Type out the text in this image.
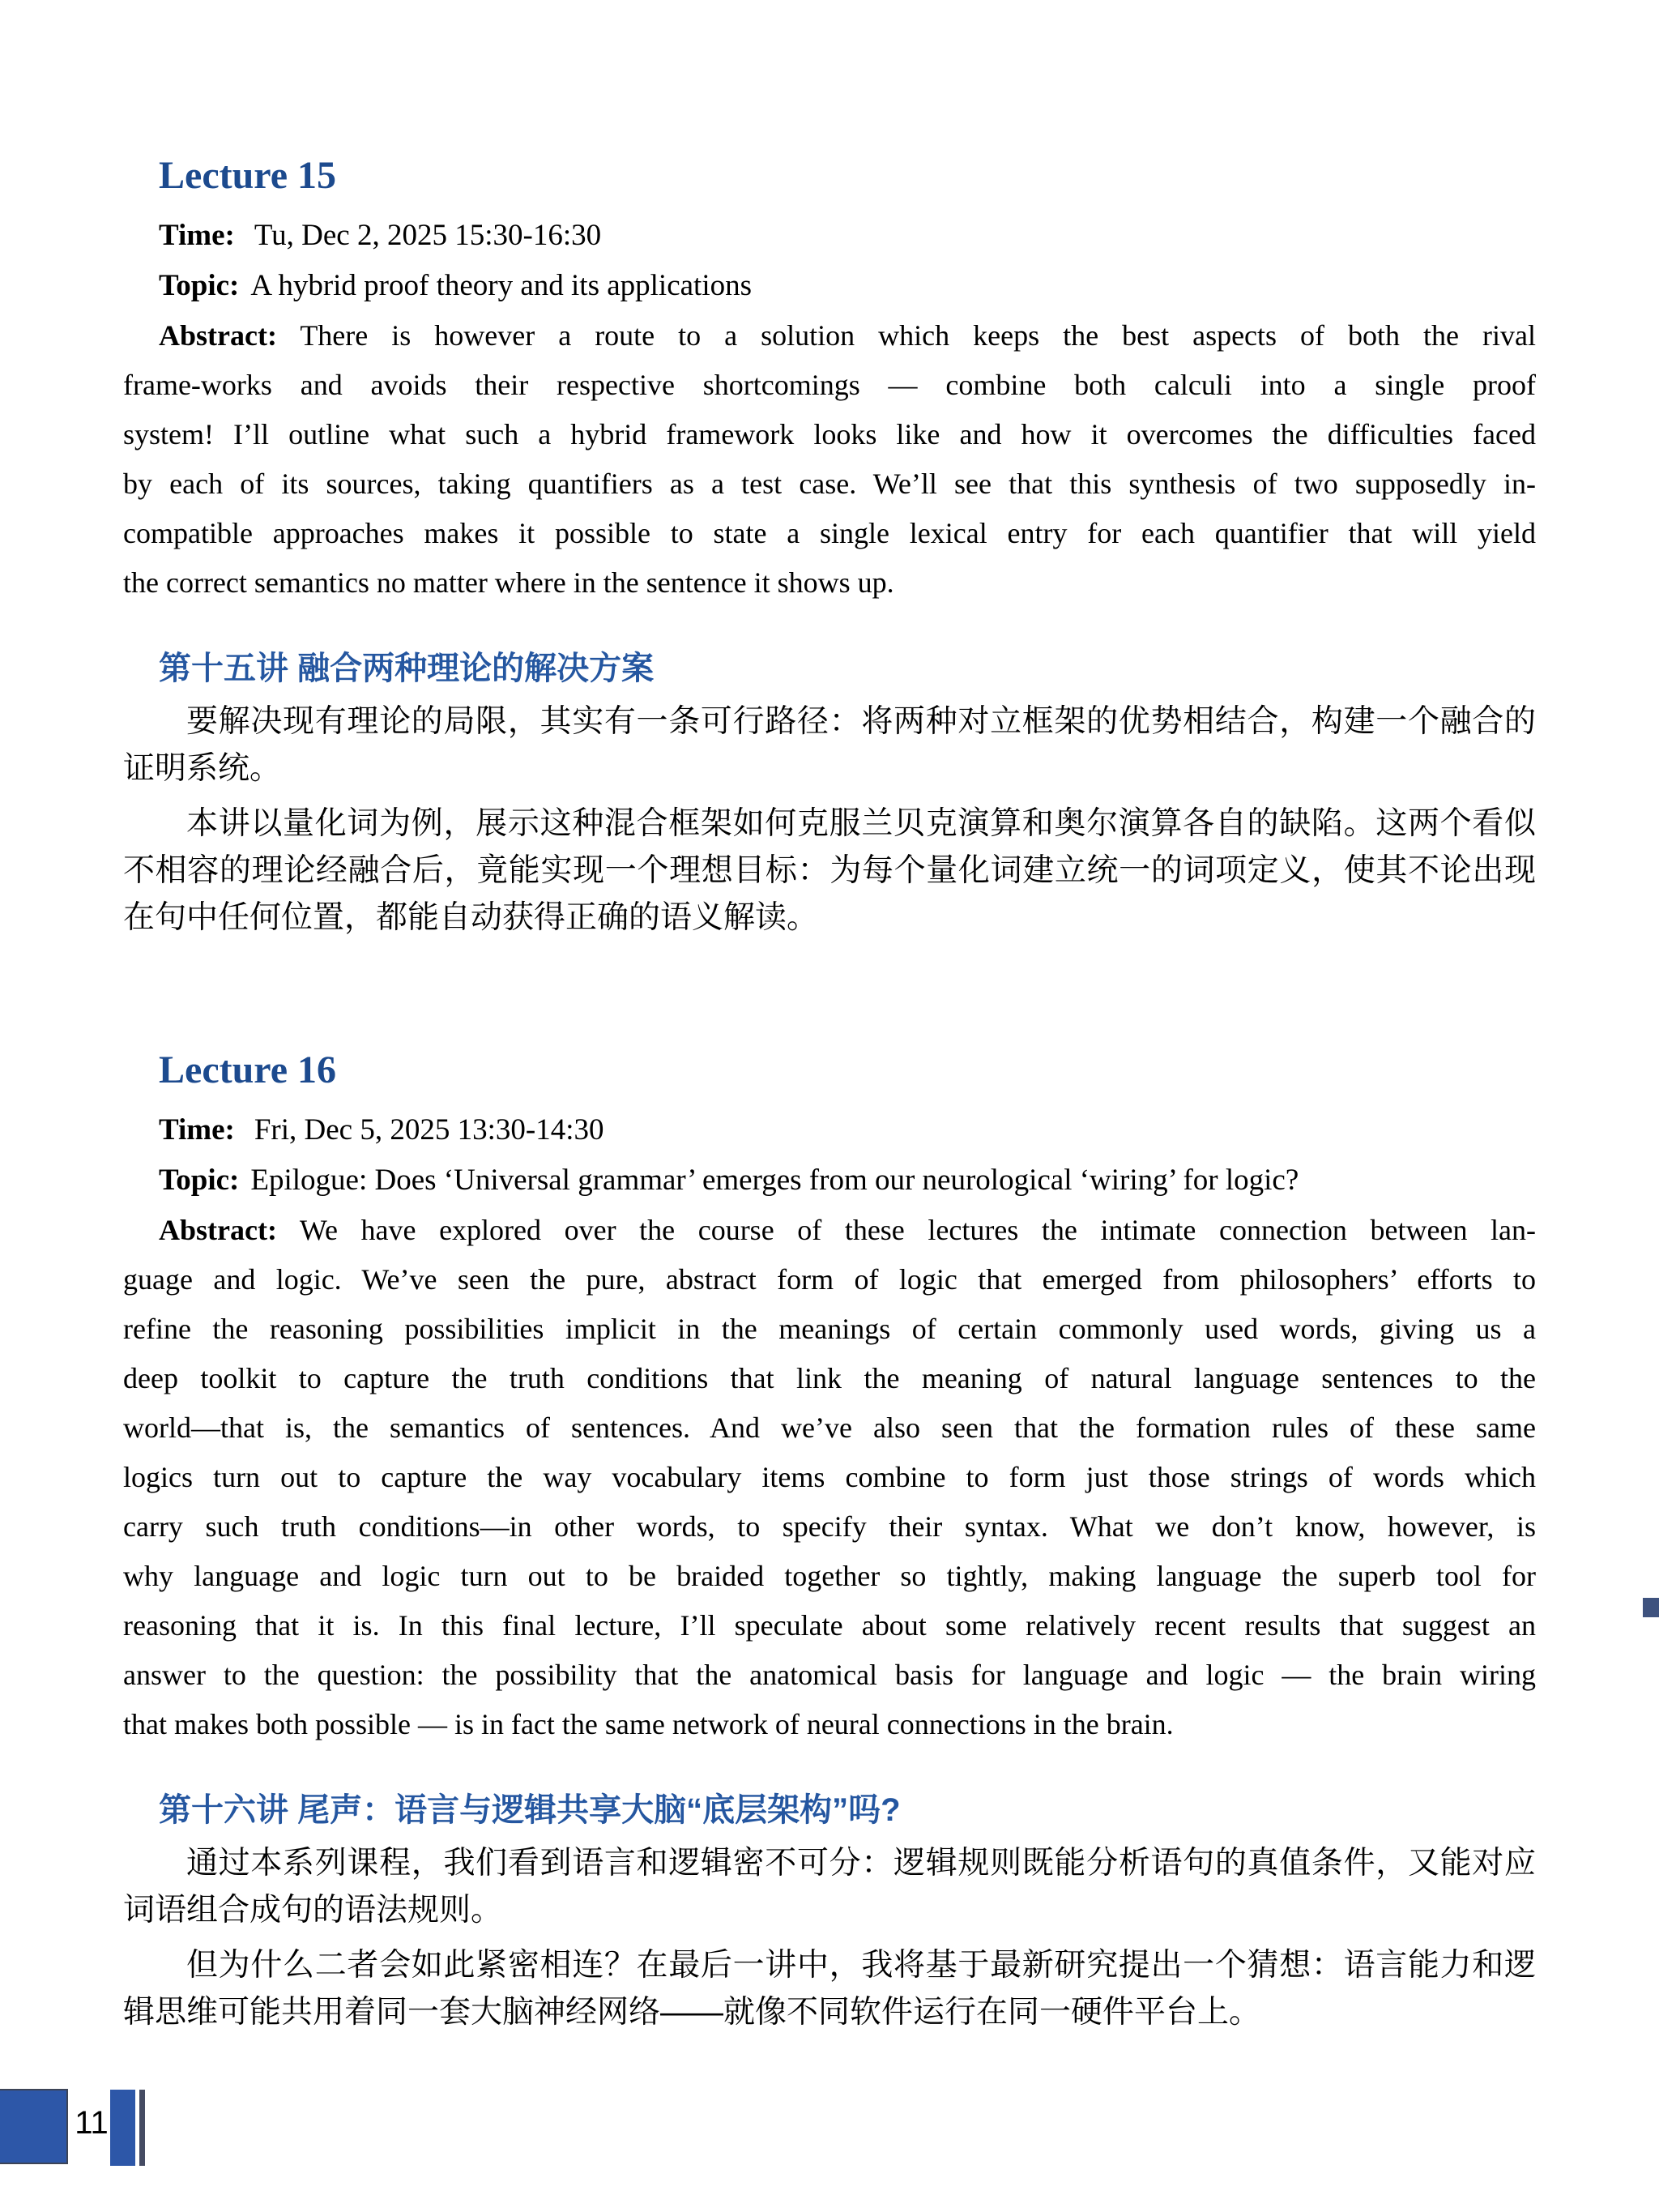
Lecture 15

Time: Tu, Dec 2, 2025 15:30-16:30

Topic: A hybrid proof theory and its applications

Abstract: There is however a route to a solution which keeps the best aspects of both the rival
frame-works and avoids their respective shortcomings — combine both calculi into a single proof
system! I’ll outline what such a hybrid framework looks like and how it overcomes the difficulties faced
by each of its sources, taking quantifiers as a test case. We’ll see that this synthesis of two supposedly in-
compatible approaches makes it possible to state a single lexical entry for each quantifier that will yield
the correct semantics no matter where in the sentence it shows up.
第十五讲 融合两种理论的解决方案

要解决现有理论的局限，其实有一条可行路径：将两种对立框架的优势相结合，构建一个融合的证明系统。

本讲以量化词为例，展示这种混合框架如何克服兰贝克演算和奥尔演算各自的缺陷。这两个看似不相容的理论经融合后，竟能实现一个理想目标：为每个量化词建立统一的词项定义，使其不论出现在句中任何位置，都能自动获得正确的语义解读。

Lecture 16

Time: Fri, Dec 5, 2025 13:30-14:30

Topic: Epilogue: Does ‘Universal grammar’ emerges from our neurological ‘wiring’ for logic?

Abstract: We have explored over the course of these lectures the intimate connection between lan-
guage and logic. We’ve seen the pure, abstract form of logic that emerged from philosophers’ efforts to
refine the reasoning possibilities implicit in the meanings of certain commonly used words, giving us a
deep toolkit to capture the truth conditions that link the meaning of natural language sentences to the
world—that is, the semantics of sentences. And we’ve also seen that the formation rules of these same
logics turn out to capture the way vocabulary items combine to form just those strings of words which
carry such truth conditions—in other words, to specify their syntax. What we don’t know, however, is
why language and logic turn out to be braided together so tightly, making language the superb tool for
reasoning that it is. In this final lecture, I’ll speculate about some relatively recent results that suggest an
answer to the question: the possibility that the anatomical basis for language and logic — the brain wiring
that makes both possible — is in fact the same network of neural connections in the brain.
第十六讲 尾声：语言与逻辑共享大脑“底层架构”吗?

通过本系列课程，我们看到语言和逻辑密不可分：逻辑规则既能分析语句的真值条件，又能对应词语组合成句的语法规则。

但为什么二者会如此紧密相连？在最后一讲中，我将基于最新研究提出一个猜想：语言能力和逻辑思维可能共用着同一套大脑神经网络——就像不同软件运行在同一硬件平台上。

11
